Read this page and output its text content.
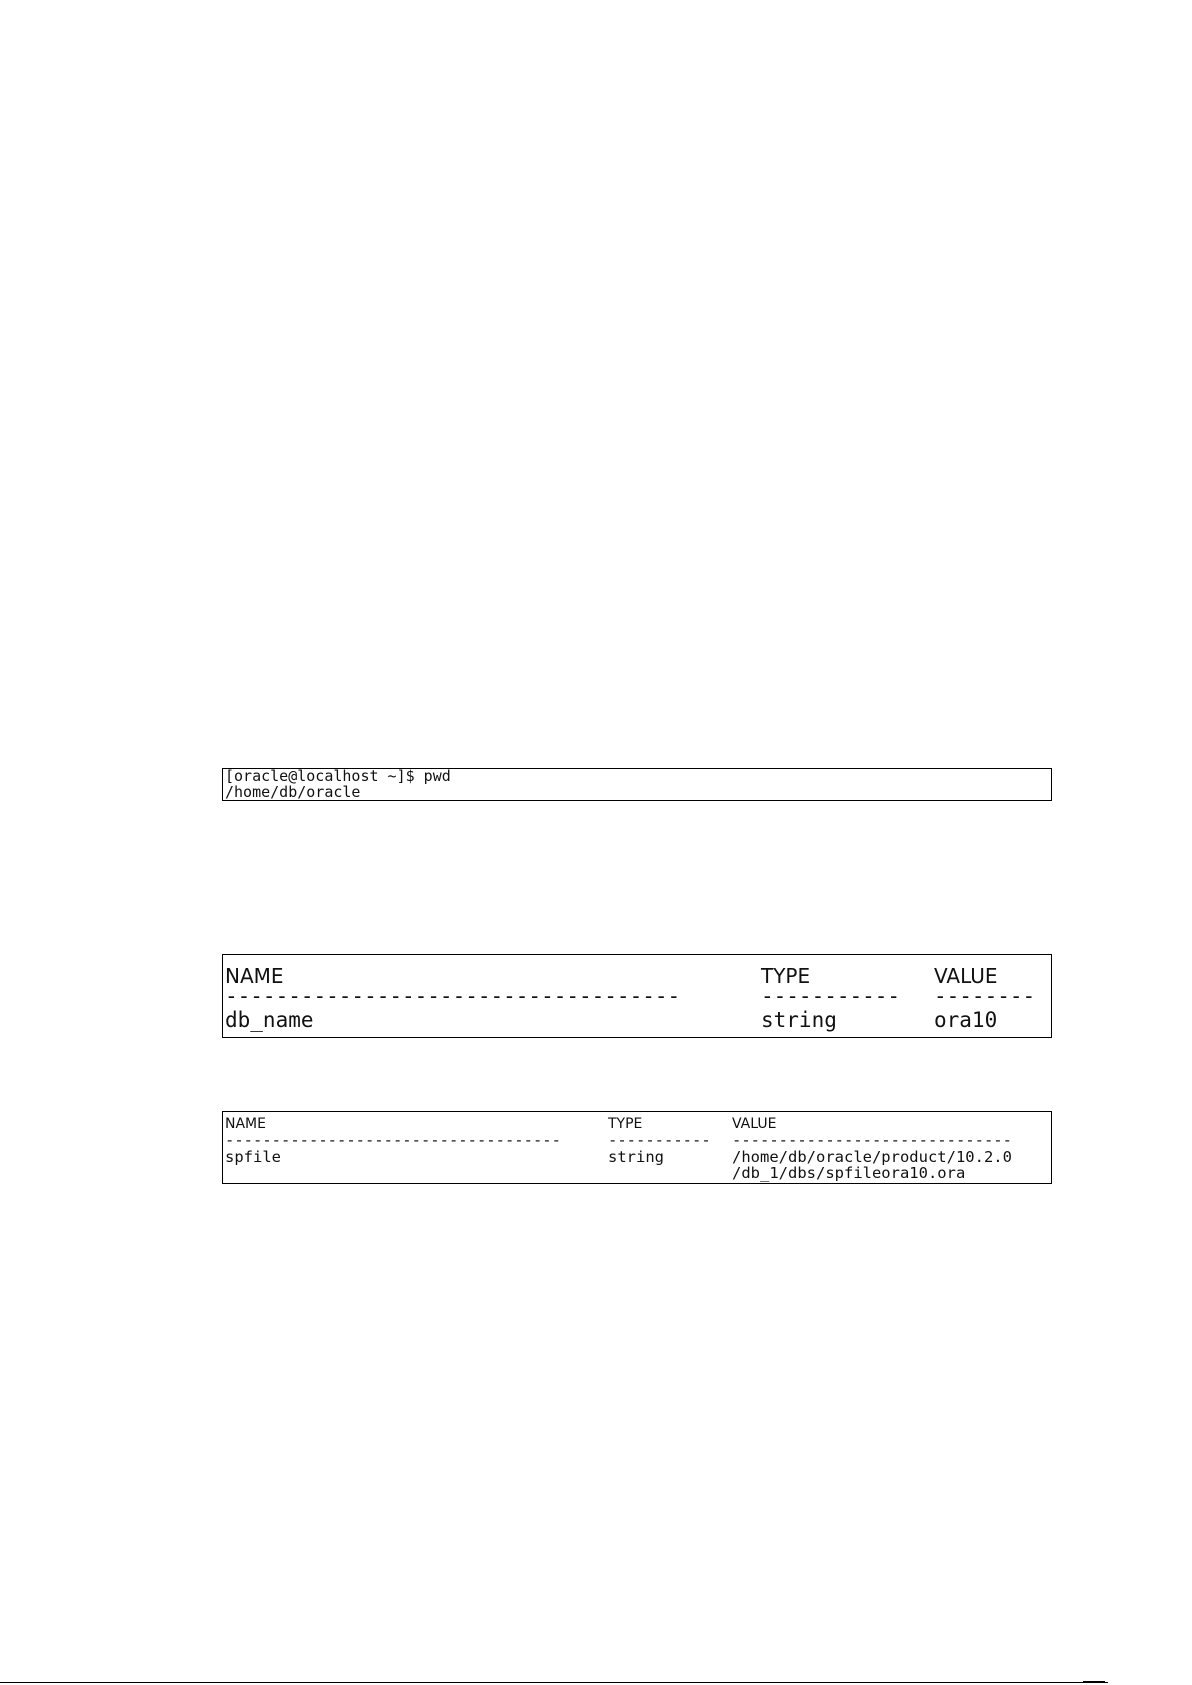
[oracle@localhost ~]$ pwd
/home/db/oracle
NAME	TYPE	VALUE
------------------------------------	----------- --------
db_name	string	ora10
NAME	TYPE	VALUE
------------------------------------	----------- ------------------------------
spfile	string	/home/db/oracle/product/10.2.0
/db_1/dbs/spfileora10.ora
